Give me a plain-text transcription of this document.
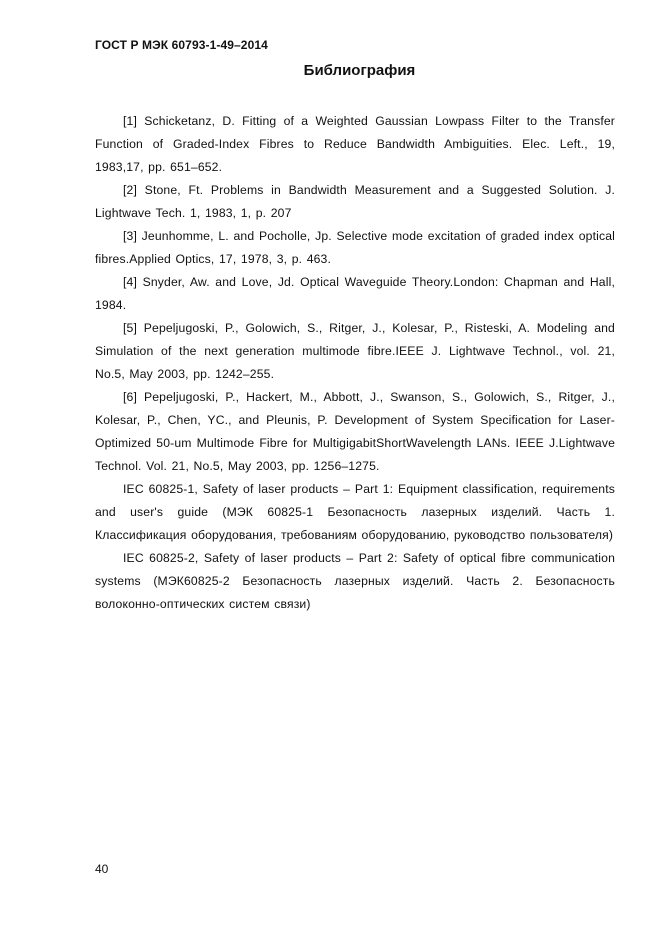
ГОСТ Р МЭК 60793-1-49–2014
Библиография

[1] Schicketanz, D. Fitting of a Weighted Gaussian Lowpass Filter to the Transfer Function of Graded-Index Fibres to Reduce Bandwidth Ambiguities. Elec. Left., 19, 1983,17, pp. 651–652.

[2] Stone, Ft. Problems in Bandwidth Measurement and a Suggested Solution. J. Lightwave Tech. 1, 1983, 1, p. 207

[3] Jeunhomme, L. and Pocholle, Jp. Selective mode excitation of graded index optical fibres.Applied Optics, 17, 1978, 3, p. 463.

[4] Snyder, Aw. and Love, Jd. Optical Waveguide Theory.London: Chapman and Hall, 1984.

[5] Pepeljugoski, P., Golowich, S., Ritger, J., Kolesar, P., Risteski, A. Modeling and Simulation of the next generation multimode fibre.IEEE J. Lightwave Technol., vol. 21, No.5, May 2003, pp. 1242–255.

[6] Pepeljugoski, P., Hackert, M., Abbott, J., Swanson, S., Golowich, S., Ritger, J., Kolesar, P., Chen, YC., and Pleunis, P. Development of System Specification for Laser-Optimized 50-um Multimode Fibre for MultigigabitShortWavelength LANs. IEEE J.Lightwave Technol. Vol. 21, No.5, May 2003, pp. 1256–1275.

IEC 60825-1, Safety of laser products – Part 1: Equipment classification, requirements and user's guide (МЭК 60825-1 Безопасность лазерных изделий. Часть 1. Классификация оборудования, требованиям оборудованию, руководство пользователя)

IEC 60825-2, Safety of laser products – Part 2: Safety of optical fibre communication systems (МЭК60825-2 Безопасность лазерных изделий. Часть 2. Безопасность волоконно-оптических систем связи)

40
